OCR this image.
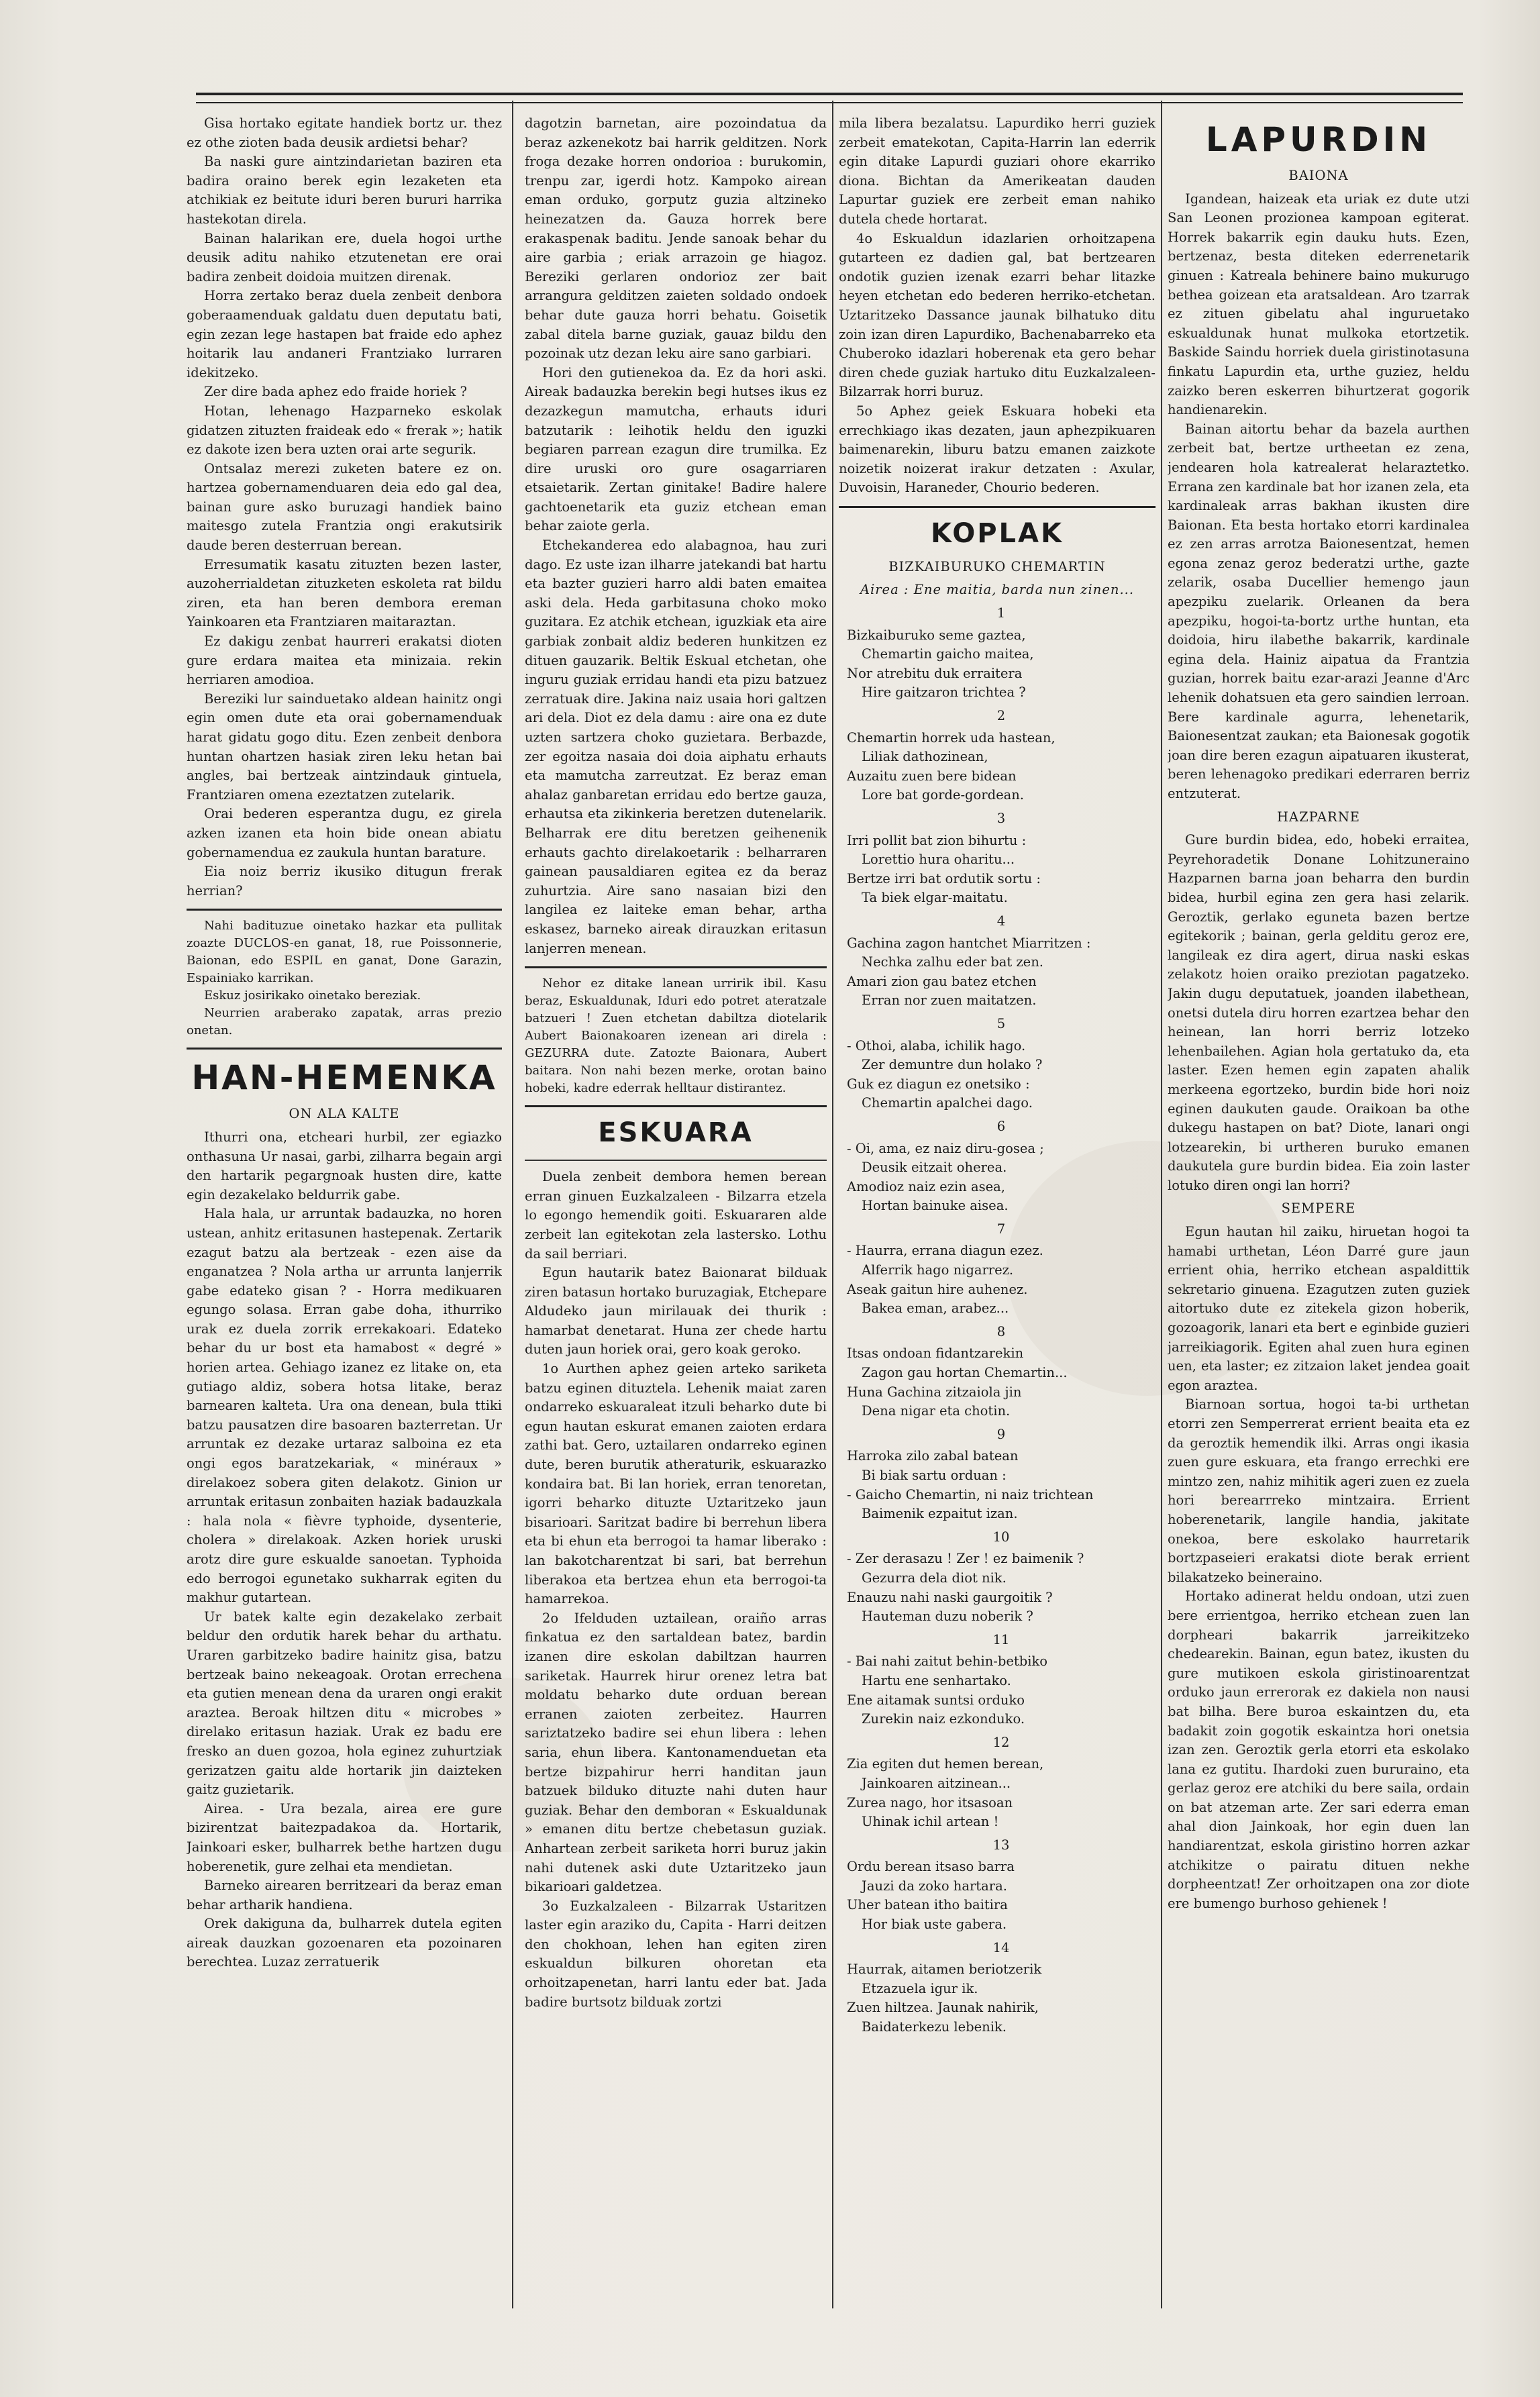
Gisa hortako egitate handiek bortz ur. thez ez othe zioten bada deusik ardietsi behar?

Ba naski gure aintzindarietan baziren eta badira oraino berek egin lezaketen eta atchikiak ez beitute iduri beren bururi harrika hastekotan direla.

Bainan halarikan ere, duela hogoi urthe deusik aditu nahiko etzutenetan ere orai badira zenbeit doidoia muitzen direnak.

Horra zertako beraz duela zenbeit denbora goberaamenduak galdatu duen deputatu bati, egin zezan lege hastapen bat fraide edo aphez hoitarik lau andaneri Frantziako lurraren idekitzeko.

Zer dire bada aphez edo fraide horiek ?

Hotan, lehenago Hazparneko eskolak gidatzen zituzten fraideak edo « frerak »; hatik ez dakote izen bera uzten orai arte segurik.

Ontsalaz merezi zuketen batere ez on. hartzea gobernamenduaren deia edo gal dea, bainan gure asko buruzagi handiek baino maitesgo zutela Frantzia ongi erakutsirik daude beren desterruan berean.

Erresumatik kasatu zituzten bezen laster, auzoherrialdetan zituzketen eskoleta rat bildu ziren, eta han beren dembora ereman Yainkoaren eta Frantziaren maitaraztan.

Ez dakigu zenbat haurreri erakatsi dioten gure erdara maitea eta minizaia. rekin herriaren amodioa.

Bereziki lur sainduetako aldean hainitz ongi egin omen dute eta orai gobernamenduak harat gidatu gogo ditu. Ezen zenbeit denbora huntan ohartzen hasiak ziren leku hetan bai angles, bai bertzeak aintzindauk gintuela, Frantziaren omena ezeztatzen zutelarik.

Orai bederen esperantza dugu, ez girela azken izanen eta hoin bide onean abiatu gobernamendua ez zaukula huntan barature.

Eia noiz berriz ikusiko ditugun frerak herrian?

Nahi badituzue oinetako hazkar eta pullitak zoazte DUCLOS-en ganat, 18, rue Poissonnerie, Baionan, edo ESPIL en ganat, Done Garazin, Espainiako karrikan.

Eskuz josirikako oinetako bereziak.

Neurrien araberako zapatak, arras prezio onetan.

HAN-HEMENKA
ON ALA KALTE

Ithurri ona, etcheari hurbil, zer egiazko onthasuna Ur nasai, garbi, zilharra begain argi den hartarik pegargnoak husten dire, katte egin dezakelako beldurrik gabe.

Hala hala, ur arruntak badauzka, no horen ustean, anhitz eritasunen hastepenak. Zertarik ezagut batzu ala bertzeak - ezen aise da enganatzea ? Nola artha ur arrunta lanjerrik gabe edateko gisan ? - Horra medikuaren egungo solasa. Erran gabe doha, ithurriko urak ez duela zorrik errekakoari. Edateko behar du ur bost eta hamabost « degré » horien artea. Gehiago izanez ez litake on, eta gutiago aldiz, sobera hotsa litake, beraz barnearen kalteta. Ura ona denean, bula ttiki batzu pausatzen dire basoaren bazterretan. Ur arruntak ez dezake urtaraz salboina ez eta ongi egos baratzekariak, « minéraux » direlakoez sobera giten delakotz. Ginion ur arruntak eritasun zonbaiten haziak badauzkala : hala nola « fièvre typhoide, dysenterie, cholera » direlakoak. Azken horiek uruski arotz dire gure eskualde sanoetan. Typhoida edo berrogoi egunetako sukharrak egiten du makhur gutartean.

Ur batek kalte egin dezakelako zerbait beldur den ordutik harek behar du arthatu. Uraren garbitzeko badire hainitz gisa, batzu bertzeak baino nekeagoak. Orotan errechena eta gutien menean dena da uraren ongi erakit araztea. Beroak hiltzen ditu « microbes » direlako eritasun haziak. Urak ez badu ere fresko an duen gozoa, hola eginez zuhurtziak gerizatzen gaitu alde hortarik jin daizteken gaitz guzietarik.

Airea. - Ura bezala, airea ere gure bizirentzat baitezpadakoa da. Hortarik, Jainkoari esker, bulharrek bethe hartzen dugu hoberenetik, gure zelhai eta mendietan.

Barneko airearen berritzeari da beraz eman behar artharik handiena.

Orek dakiguna da, bulharrek dutela egiten aireak dauzkan gozoenaren eta pozoinaren berechtea. Luzaz zerratuerik

dagotzin barnetan, aire pozoindatua da beraz azkenekotz bai harrik gelditzen. Nork froga dezake horren ondorioa : burukomin, trenpu zar, igerdi hotz. Kampoko airean eman orduko, gorputz guzia altzineko heinezatzen da. Gauza horrek bere erakaspenak baditu. Jende sanoak behar du aire garbia ; eriak arrazoin ge hiagoz. Bereziki gerlaren ondorioz zer bait arrangura gelditzen zaieten soldado ondoek behar dute gauza horri behatu. Goisetik zabal ditela barne guziak, gauaz bildu den pozoinak utz dezan leku aire sano garbiari.

Hori den gutienekoa da. Ez da hori aski. Aireak badauzka berekin begi hutses ikus ez dezazkegun mamutcha, erhauts iduri batzutarik : leihotik heldu den iguzki begiaren parrean ezagun dire trumilka. Ez dire uruski oro gure osagarriaren etsaietarik. Zertan ginitake! Badire halere gachtoenetarik eta guziz etchean eman behar zaiote gerla.

Etchekanderea edo alabagnoa, hau zuri dago. Ez uste izan ilharre jatekandi bat hartu eta bazter guzieri harro aldi baten emaitea aski dela. Heda garbitasuna choko moko guzitara. Ez atchik etchean, iguzkiak eta aire garbiak zonbait aldiz bederen hunkitzen ez dituen gauzarik. Beltik Eskual etchetan, ohe inguru guziak erridau handi eta pizu batzuez zerratuak dire. Jakina naiz usaia hori galtzen ari dela. Diot ez dela damu : aire ona ez dute uzten sartzera choko guzietara. Berbazde, zer egoitza nasaia doi doia aiphatu erhauts eta mamutcha zarreutzat. Ez beraz eman ahalaz ganbaretan erridau edo bertze gauza, erhautsa eta zikinkeria beretzen dutenelarik. Belharrak ere ditu beretzen geihenenik erhauts gachto direlakoetarik : belharraren gainean pausaldiaren egitea ez da beraz zuhurtzia. Aire sano nasaian bizi den langilea ez laiteke eman behar, artha eskasez, barneko aireak dirauzkan eritasun lanjerren menean.

Nehor ez ditake lanean urririk ibil. Kasu beraz, Eskualdunak, Iduri edo potret ateratzale batzueri ! Zuen etchetan dabiltza diotelarik Aubert Baionakoaren izenean ari direla : GEZURRA dute. Zatozte Baionara, Aubert baitara. Non nahi bezen merke, orotan baino hobeki, kadre ederrak helltaur distirantez.

ESKUARA

Duela zenbeit dembora hemen berean erran ginuen Euzkalzaleen - Bilzarra etzela lo egongo hemendik goiti. Eskuararen alde zerbeit lan egitekotan zela lastersko. Lothu da sail berriari.

Egun hautarik batez Baionarat bilduak ziren batasun hortako buruzagiak, Etchepare Aldudeko jaun mirilauak dei thurik : hamarbat denetarat. Huna zer chede hartu duten jaun horiek orai, gero koak geroko.

1o Aurthen aphez geien arteko sariketa batzu eginen dituztela. Lehenik maiat zaren ondarreko eskuaraleat itzuli beharko dute bi egun hautan eskurat emanen zaioten erdara zathi bat. Gero, uztailaren ondarreko eginen dute, beren burutik atheraturik, eskuarazko kondaira bat. Bi lan horiek, erran tenoretan, igorri beharko dituzte Uztaritzeko jaun bisarioari. Saritzat badire bi berrehun libera eta bi ehun eta berrogoi ta hamar liberako : lan bakotcharentzat bi sari, bat berrehun liberakoa eta bertzea ehun eta berrogoi-ta hamarrekoa.

2o Ifelduden uztailean, oraiño arras finkatua ez den sartaldean batez, bardin izanen dire eskolan dabiltzan haurren sariketak. Haurrek hirur orenez letra bat moldatu beharko dute orduan berean erranen zaioten zerbeitez. Haurren sariztatzeko badire sei ehun libera : lehen saria, ehun libera. Kantonamenduetan eta bertze bizpahirur herri handitan jaun batzuek bilduko dituzte nahi duten haur guziak. Behar den demboran « Eskualdunak » emanen ditu bertze chebetasun guziak. Anhartean zerbeit sariketa horri buruz jakin nahi dutenek aski dute Uztaritzeko jaun bikarioari galdetzea.

3o Euzkalzaleen - Bilzarrak Ustaritzen laster egin araziko du, Capita - Harri deitzen den chokhoan, lehen han egiten ziren eskualdun bilkuren ohoretan eta orhoitzapenetan, harri lantu eder bat. Jada badire burtsotz bilduak zortzi

mila libera bezalatsu. Lapurdiko herri guziek zerbeit ematekotan, Capita-Harrin lan ederrik egin ditake Lapurdi guziari ohore ekarriko diona. Bichtan da Amerikeatan dauden Lapurtar guziek ere zerbeit eman nahiko dutela chede hortarat.

4o Eskualdun idazlarien orhoitzapena gutarteen ez dadien gal, bat bertzearen ondotik guzien izenak ezarri behar litazke heyen etchetan edo bederen herriko-etchetan. Uztaritzeko Dassance jaunak bilhatuko ditu zoin izan diren Lapurdiko, Bachenabarreko eta Chuberoko idazlari hoberenak eta gero behar diren chede guziak hartuko ditu Euzkalzaleen-Bilzarrak horri buruz.

5o Aphez geiek Eskuara hobeki eta errechkiago ikas dezaten, jaun aphezpikuaren baimenarekin, liburu batzu emanen zaizkote noizetik noizerat irakur detzaten : Axular, Duvoisin, Haraneder, Chourio bederen.

KOPLAK
BIZKAIBURUKO CHEMARTIN
Airea : Ene maitia, barda nun zinen...
1
Bizkaiburuko seme gaztea,
Chemartin gaicho maitea,
Nor atrebitu duk erraitera
Hire gaitzaron trichtea ?
2
Chemartin horrek uda hastean,
Liliak dathozinean,
Auzaitu zuen bere bidean
Lore bat gorde-gordean.
3
Irri pollit bat zion bihurtu :
Lorettio hura oharitu...
Bertze irri bat ordutik sortu :
Ta biek elgar-maitatu.
4
Gachina zagon hantchet Miarritzen :
Nechka zalhu eder bat zen.
Amari zion gau batez etchen
Erran nor zuen maitatzen.
5
- Othoi, alaba, ichilik hago.
Zer demuntre dun holako ?
Guk ez diagun ez onetsiko :
Chemartin apalchei dago.
6
- Oi, ama, ez naiz diru-gosea ;
Deusik eitzait oherea.
Amodioz naiz ezin asea,
Hortan bainuke aisea.
7
- Haurra, errana diagun ezez.
Alferrik hago nigarrez.
Aseak gaitun hire auhenez.
Bakea eman, arabez...
8
Itsas ondoan fidantzarekin
Zagon gau hortan Chemartin...
Huna Gachina zitzaiola jin
Dena nigar eta chotin.
9
Harroka zilo zabal batean
Bi biak sartu orduan :
- Gaicho Chemartin, ni naiz trichtean
Baimenik ezpaitut izan.
10
- Zer derasazu ! Zer ! ez baimenik ?
Gezurra dela diot nik.
Enauzu nahi naski gaurgoitik ?
Hauteman duzu noberik ?
11
- Bai nahi zaitut behin-betbiko
Hartu ene senhartako.
Ene aitamak suntsi orduko
Zurekin naiz ezkonduko.
12
Zia egiten dut hemen berean,
Jainkoaren aitzinean...
Zurea nago, hor itsasoan
Uhinak ichil artean !
13
Ordu berean itsaso barra
Jauzi da zoko hartara.
Uher batean itho baitira
Hor biak uste gabera.
14
Haurrak, aitamen beriotzerik
Etzazuela igur ik.
Zuen hiltzea. Jaunak nahirik,
Baidaterkezu lebenik.
LAPURDIN
BAIONA

Igandean, haizeak eta uriak ez dute utzi San Leonen prozionea kampoan egiterat. Horrek bakarrik egin dauku huts. Ezen, bertzenaz, besta diteken ederrenetarik ginuen : Katreala behinere baino mukurugo bethea goizean eta aratsaldean. Aro tzarrak ez zituen gibelatu ahal inguruetako eskualdunak hunat mulkoka etortzetik. Baskide Saindu horriek duela giristinotasuna finkatu Lapurdin eta, urthe guziez, heldu zaizko beren eskerren bihurtzerat gogorik handienarekin.

Bainan aitortu behar da bazela aurthen zerbeit bat, bertze urtheetan ez zena, jendearen hola katrealerat helaraztetko. Errana zen kardinale bat hor izanen zela, eta kardinaleak arras bakhan ikusten dire Baionan. Eta besta hortako etorri kardinalea ez zen arras arrotza Baionesentzat, hemen egona zenaz geroz bederatzi urthe, gazte zelarik, osaba Ducellier hemengo jaun apezpiku zuelarik. Orleanen da bera apezpiku, hogoi-ta-bortz urthe huntan, eta doidoia, hiru ilabethe bakarrik, kardinale egina dela. Hainiz aipatua da Frantzia guzian, horrek baitu ezar-arazi Jeanne d'Arc lehenik dohatsuen eta gero saindien lerroan. Bere kardinale agurra, lehenetarik, Baionesentzat zaukan; eta Baionesak gogotik joan dire beren ezagun aipatuaren ikusterat, beren lehenagoko predikari ederraren berriz entzuterat.

HAZPARNE

Gure burdin bidea, edo, hobeki erraitea, Peyrehoradetik Donane Lohitzuneraino Hazparnen barna joan beharra den burdin bidea, hurbil egina zen gera hasi zelarik. Geroztik, gerlako eguneta bazen bertze egitekorik ; bainan, gerla gelditu geroz ere, langileak ez dira agert, dirua naski eskas zelakotz hoien oraiko preziotan pagatzeko. Jakin dugu deputatuek, joanden ilabethean, onetsi dutela diru horren ezartzea behar den heinean, lan horri berriz lotzeko lehenbailehen. Agian hola gertatuko da, eta laster. Ezen hemen egin zapaten ahalik merkeena egortzeko, burdin bide hori noiz eginen daukuten gaude. Oraikoan ba othe dukegu hastapen on bat? Diote, lanari ongi lotzearekin, bi urtheren buruko emanen daukutela gure burdin bidea. Eia zoin laster lotuko diren ongi lan horri?

SEMPERE

Egun hautan hil zaiku, hiruetan hogoi ta hamabi urthetan, Léon Darré gure jaun errient ohia, herriko etchean aspaldittik sekretario ginuena. Ezagutzen zuten guziek aitortuko dute ez zitekela gizon hoberik, gozoagorik, lanari eta bert e eginbide guzieri jarreikiagorik. Egiten ahal zuen hura eginen uen, eta laster; ez zitzaion laket jendea goait egon araztea.

Biarnoan sortua, hogoi ta-bi urthetan etorri zen Semperrerat errient beaita eta ez da geroztik hemendik ilki. Arras ongi ikasia zuen gure eskuara, eta frango errechki ere mintzo zen, nahiz mihitik ageri zuen ez zuela hori berearrreko mintzaira. Errient hoberenetarik, langile handia, jakitate onekoa, bere eskolako haurretarik bortzpaseieri erakatsi diote berak errient bilakatzeko beineraino.

Hortako adinerat heldu ondoan, utzi zuen bere errientgoa, herriko etchean zuen lan dorpheari bakarrik jarreikitzeko chedearekin. Bainan, egun batez, ikusten du gure mutikoen eskola giristinoarentzat orduko jaun errerorak ez dakiela non nausi bat bilha. Bere buroa eskaintzen du, eta badakit zoin gogotik eskaintza hori onetsia izan zen. Geroztik gerla etorri eta eskolako lana ez gutitu. Ihardoki zuen bururaino, eta gerlaz geroz ere atchiki du bere saila, ordain on bat atzeman arte. Zer sari ederra eman ahal dion Jainkoak, hor egin duen lan handiarentzat, eskola giristino horren azkar atchikitze o pairatu dituen nekhe dorpheentzat! Zer orhoitzapen ona zor diote ere bumengo burhoso gehienek !
